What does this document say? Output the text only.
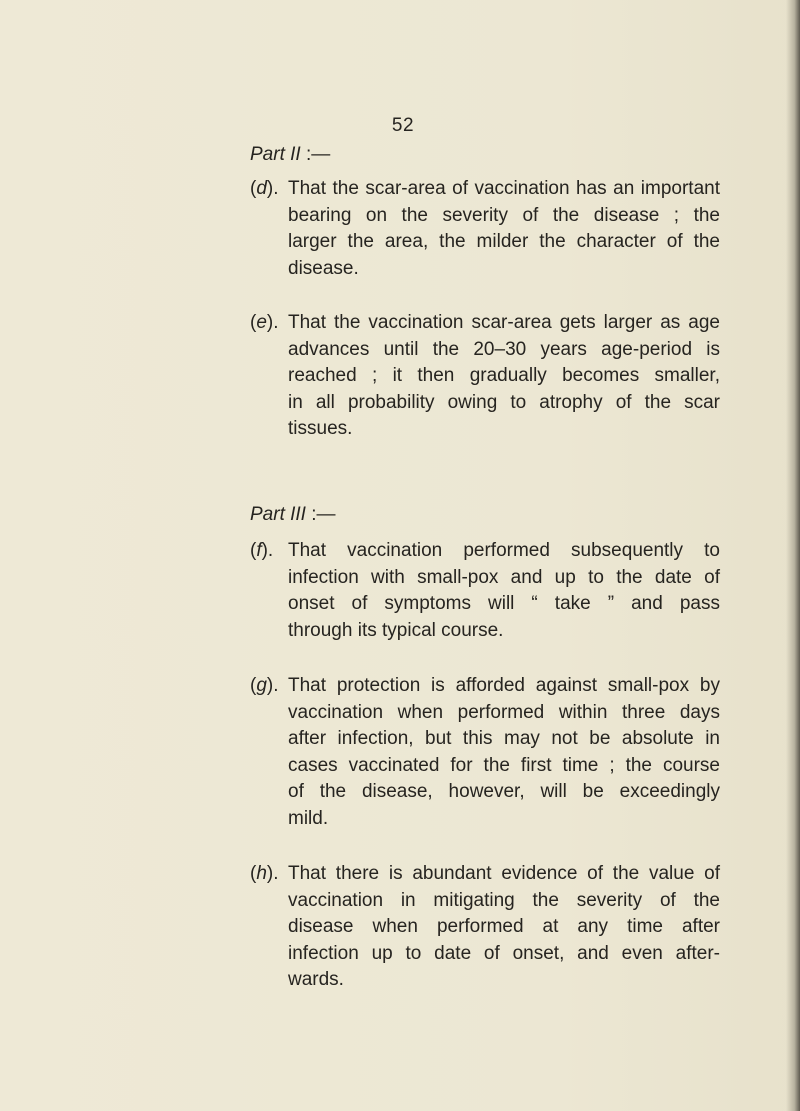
52
Part II :—
(d). That the scar-area of vaccination has an important
bearing on the severity of the disease ; the
larger the area, the milder the character of the
disease.
(e). That the vaccination scar-area gets larger as age
advances until the 20–30 years age-period is
reached ; it then gradually becomes smaller,
in all probability owing to atrophy of the scar
tissues.
Part III :—
(f). That vaccination performed subsequently to
infection with small-pox and up to the date of
onset of symptoms will “ take ” and pass
through its typical course.
(g). That protection is afforded against small-pox by
vaccination when performed within three days
after infection, but this may not be absolute in
cases vaccinated for the first time ; the course
of the disease, however, will be exceedingly
mild.
(h). That there is abundant evidence of the value of
vaccination in mitigating the severity of the
disease when performed at any time after
infection up to date of onset, and even after-
wards.
